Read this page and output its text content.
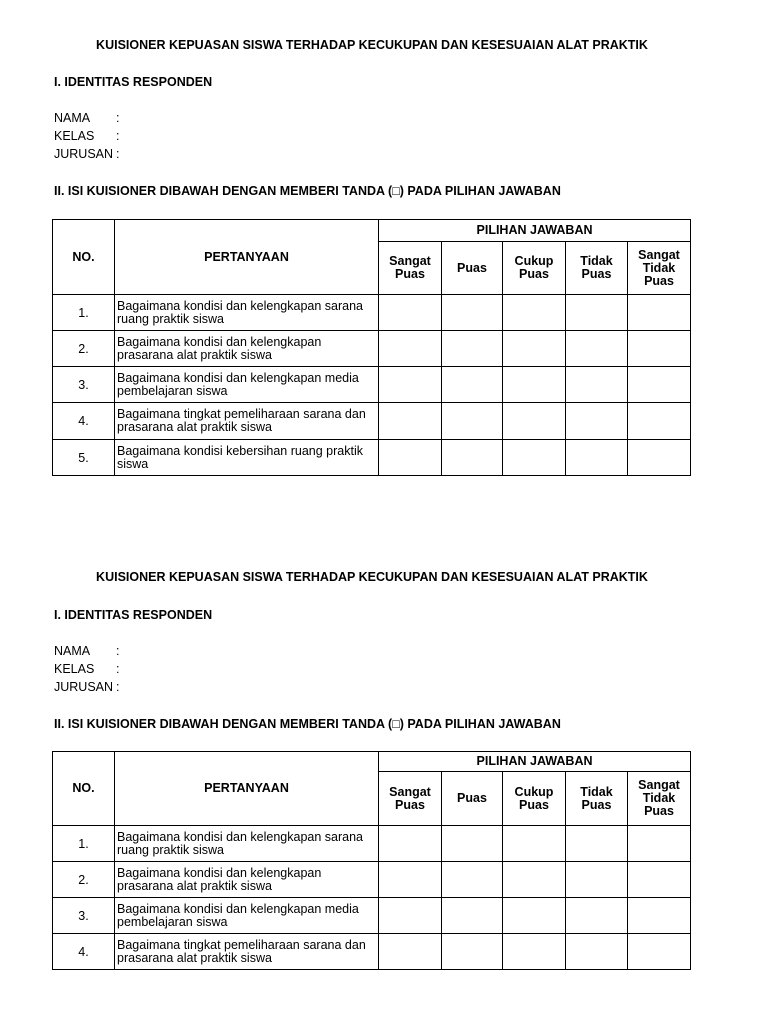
KUISIONER KEPUASAN SISWA TERHADAP KECUKUPAN DAN KESESUAIAN ALAT PRAKTIK
I. IDENTITAS RESPONDEN
NAMA :
KELAS :
JURUSAN :
II. ISI KUISIONER DIBAWAH DENGAN MEMBERI TANDA (□) PADA PILIHAN JAWABAN
NO.	PERTANYAAN	PILIHAN JAWABAN				
		Sangat Puas	Puas	Cukup Puas	Tidak Puas	Sangat Tidak Puas
1.	Bagaimana kondisi dan kelengkapan sarana ruang praktik siswa					
2.	Bagaimana kondisi dan kelengkapan prasarana alat praktik siswa					
3.	Bagaimana kondisi dan kelengkapan media pembelajaran siswa					
4.	Bagaimana tingkat pemeliharaan sarana dan prasarana alat praktik siswa					
5.	Bagaimana kondisi kebersihan ruang praktik siswa					
KUISIONER KEPUASAN SISWA TERHADAP KECUKUPAN DAN KESESUAIAN ALAT PRAKTIK
I. IDENTITAS RESPONDEN
NAMA :
KELAS :
JURUSAN :
II. ISI KUISIONER DIBAWAH DENGAN MEMBERI TANDA (□) PADA PILIHAN JAWABAN
NO.	PERTANYAAN	PILIHAN JAWABAN				
		Sangat Puas	Puas	Cukup Puas	Tidak Puas	Sangat Tidak Puas
1.	Bagaimana kondisi dan kelengkapan sarana ruang praktik siswa					
2.	Bagaimana kondisi dan kelengkapan prasarana alat praktik siswa					
3.	Bagaimana kondisi dan kelengkapan media pembelajaran siswa					
4.	Bagaimana tingkat pemeliharaan sarana dan prasarana alat praktik siswa					
